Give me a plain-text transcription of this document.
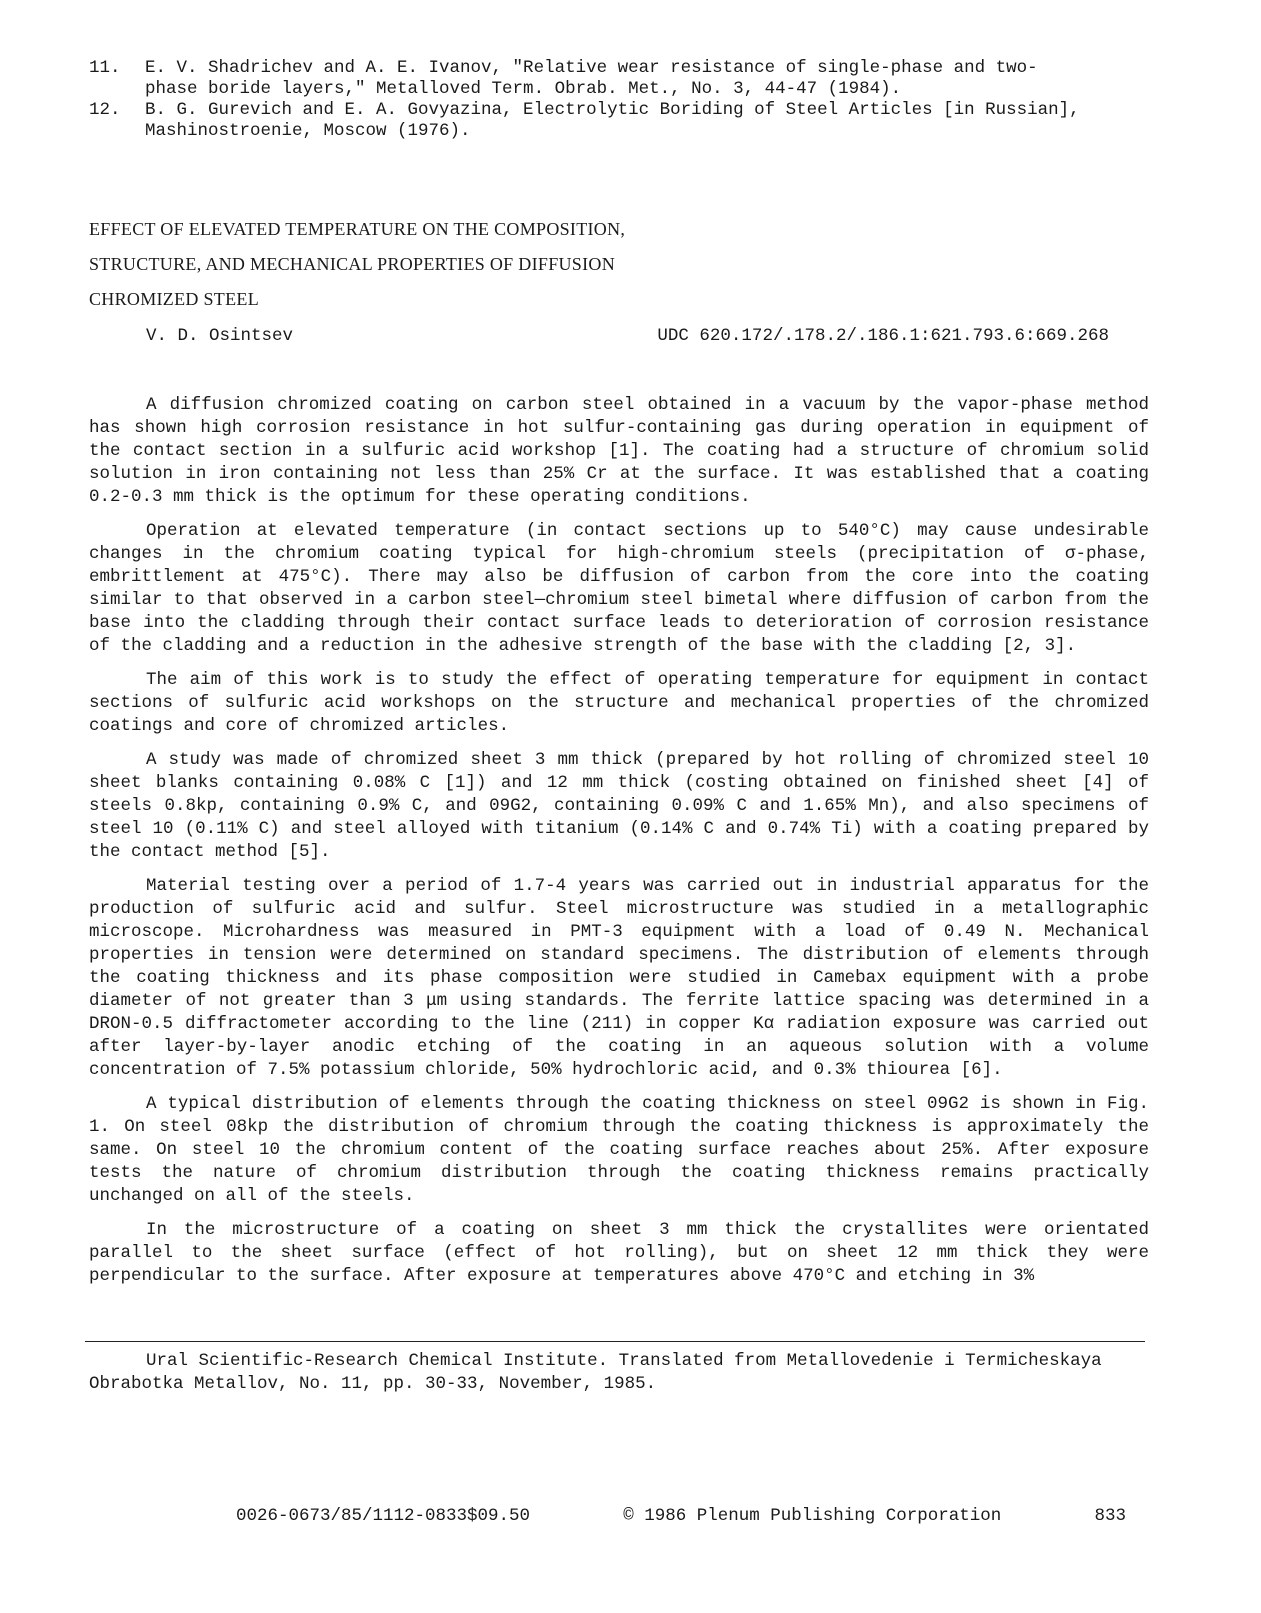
11.	E. V. Shadrichev and A. E. Ivanov, "Relative wear resistance of single-phase and two-
phase boride layers," Metalloved Term. Obrab. Met., No. 3, 44-47 (1984).
12.	B. G. Gurevich and E. A. Govyazina, Electrolytic Boriding of Steel Articles [in Russian],
Mashinostroenie, Moscow (1976).
EFFECT OF ELEVATED TEMPERATURE ON THE COMPOSITION,
STRUCTURE, AND MECHANICAL PROPERTIES OF DIFFUSION
CHROMIZED STEEL
V. D. Osintsev	UDC 620.172/.178.2/.186.1:621.793.6:669.268

A diffusion chromized coating on carbon steel obtained in a vacuum by the vapor-phase method has shown high corrosion resistance in hot sulfur-containing gas during operation in equipment of the contact section in a sulfuric acid workshop [1]. The coating had a structure of chromium solid solution in iron containing not less than 25% Cr at the surface. It was established that a coating 0.2-0.3 mm thick is the optimum for these operating conditions.

Operation at elevated temperature (in contact sections up to 540°C) may cause undesirable changes in the chromium coating typical for high-chromium steels (precipitation of σ-phase, embrittlement at 475°C). There may also be diffusion of carbon from the core into the coating similar to that observed in a carbon steel—chromium steel bimetal where diffusion of carbon from the base into the cladding through their contact surface leads to deterioration of corrosion resistance of the cladding and a reduction in the adhesive strength of the base with the cladding [2, 3].

The aim of this work is to study the effect of operating temperature for equipment in contact sections of sulfuric acid workshops on the structure and mechanical properties of the chromized coatings and core of chromized articles.

A study was made of chromized sheet 3 mm thick (prepared by hot rolling of chromized steel 10 sheet blanks containing 0.08% C [1]) and 12 mm thick (costing obtained on finished sheet [4] of steels 0.8kp, containing 0.9% C, and 09G2, containing 0.09% C and 1.65% Mn), and also specimens of steel 10 (0.11% C) and steel alloyed with titanium (0.14% C and 0.74% Ti) with a coating prepared by the contact method [5].

Material testing over a period of 1.7-4 years was carried out in industrial apparatus for the production of sulfuric acid and sulfur. Steel microstructure was studied in a metallographic microscope. Microhardness was measured in PMT-3 equipment with a load of 0.49 N. Mechanical properties in tension were determined on standard specimens. The distribution of elements through the coating thickness and its phase composition were studied in Camebax equipment with a probe diameter of not greater than 3 μm using standards. The ferrite lattice spacing was determined in a DRON-0.5 diffractometer according to the line (211) in copper Kα radiation exposure was carried out after layer-by-layer anodic etching of the coating in an aqueous solution with a volume concentration of 7.5% potassium chloride, 50% hydrochloric acid, and 0.3% thiourea [6].

A typical distribution of elements through the coating thickness on steel 09G2 is shown in Fig. 1. On steel 08kp the distribution of chromium through the coating thickness is approximately the same. On steel 10 the chromium content of the coating surface reaches about 25%. After exposure tests the nature of chromium distribution through the coating thickness remains practically unchanged on all of the steels.

In the microstructure of a coating on sheet 3 mm thick the crystallites were orientated parallel to the sheet surface (effect of hot rolling), but on sheet 12 mm thick they were perpendicular to the surface. After exposure at temperatures above 470°C and etching in 3%

Ural Scientific-Research Chemical Institute. Translated from Metallovedenie i Termicheskaya Obrabotka Metallov, No. 11, pp. 30-33, November, 1985.
0026-0673/85/1112-0833$09.50	© 1986 Plenum Publishing Corporation	833
